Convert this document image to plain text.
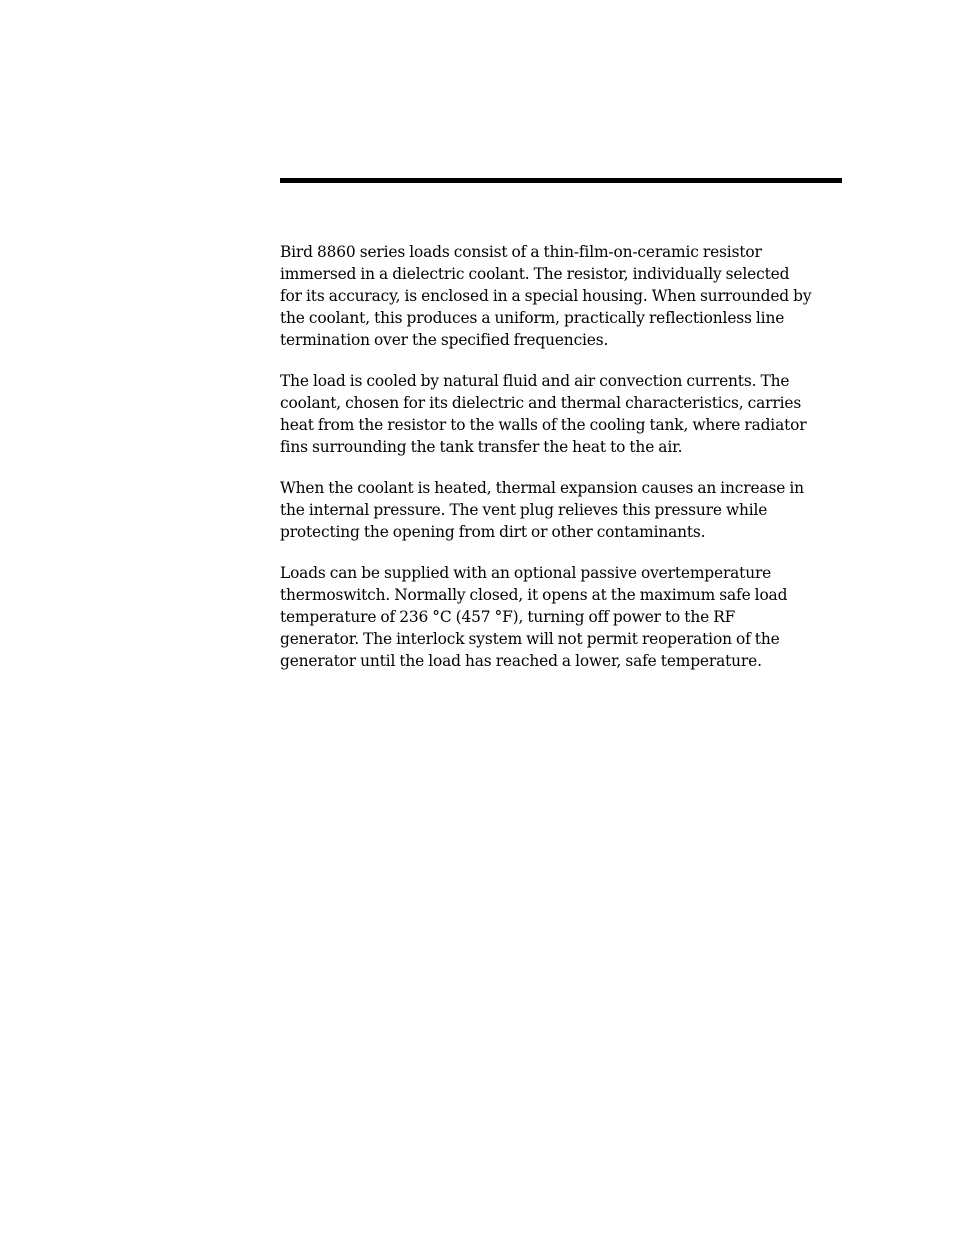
Bird 8860 series loads consist of a thin-film-on-ceramic resistor
immersed in a dielectric coolant. The resistor, individually selected
for its accuracy, is enclosed in a special housing. When surrounded by
the coolant, this produces a uniform, practically reflectionless line
termination over the specified frequencies.

The load is cooled by natural fluid and air convection currents. The
coolant, chosen for its dielectric and thermal characteristics, carries
heat from the resistor to the walls of the cooling tank, where radiator
fins surrounding the tank transfer the heat to the air.

When the coolant is heated, thermal expansion causes an increase in
the internal pressure. The vent plug relieves this pressure while
protecting the opening from dirt or other contaminants.

Loads can be supplied with an optional passive overtemperature
thermoswitch. Normally closed, it opens at the maximum safe load
temperature of 236 °C (457 °F), turning off power to the RF
generator. The interlock system will not permit reoperation of the
generator until the load has reached a lower, safe temperature.
